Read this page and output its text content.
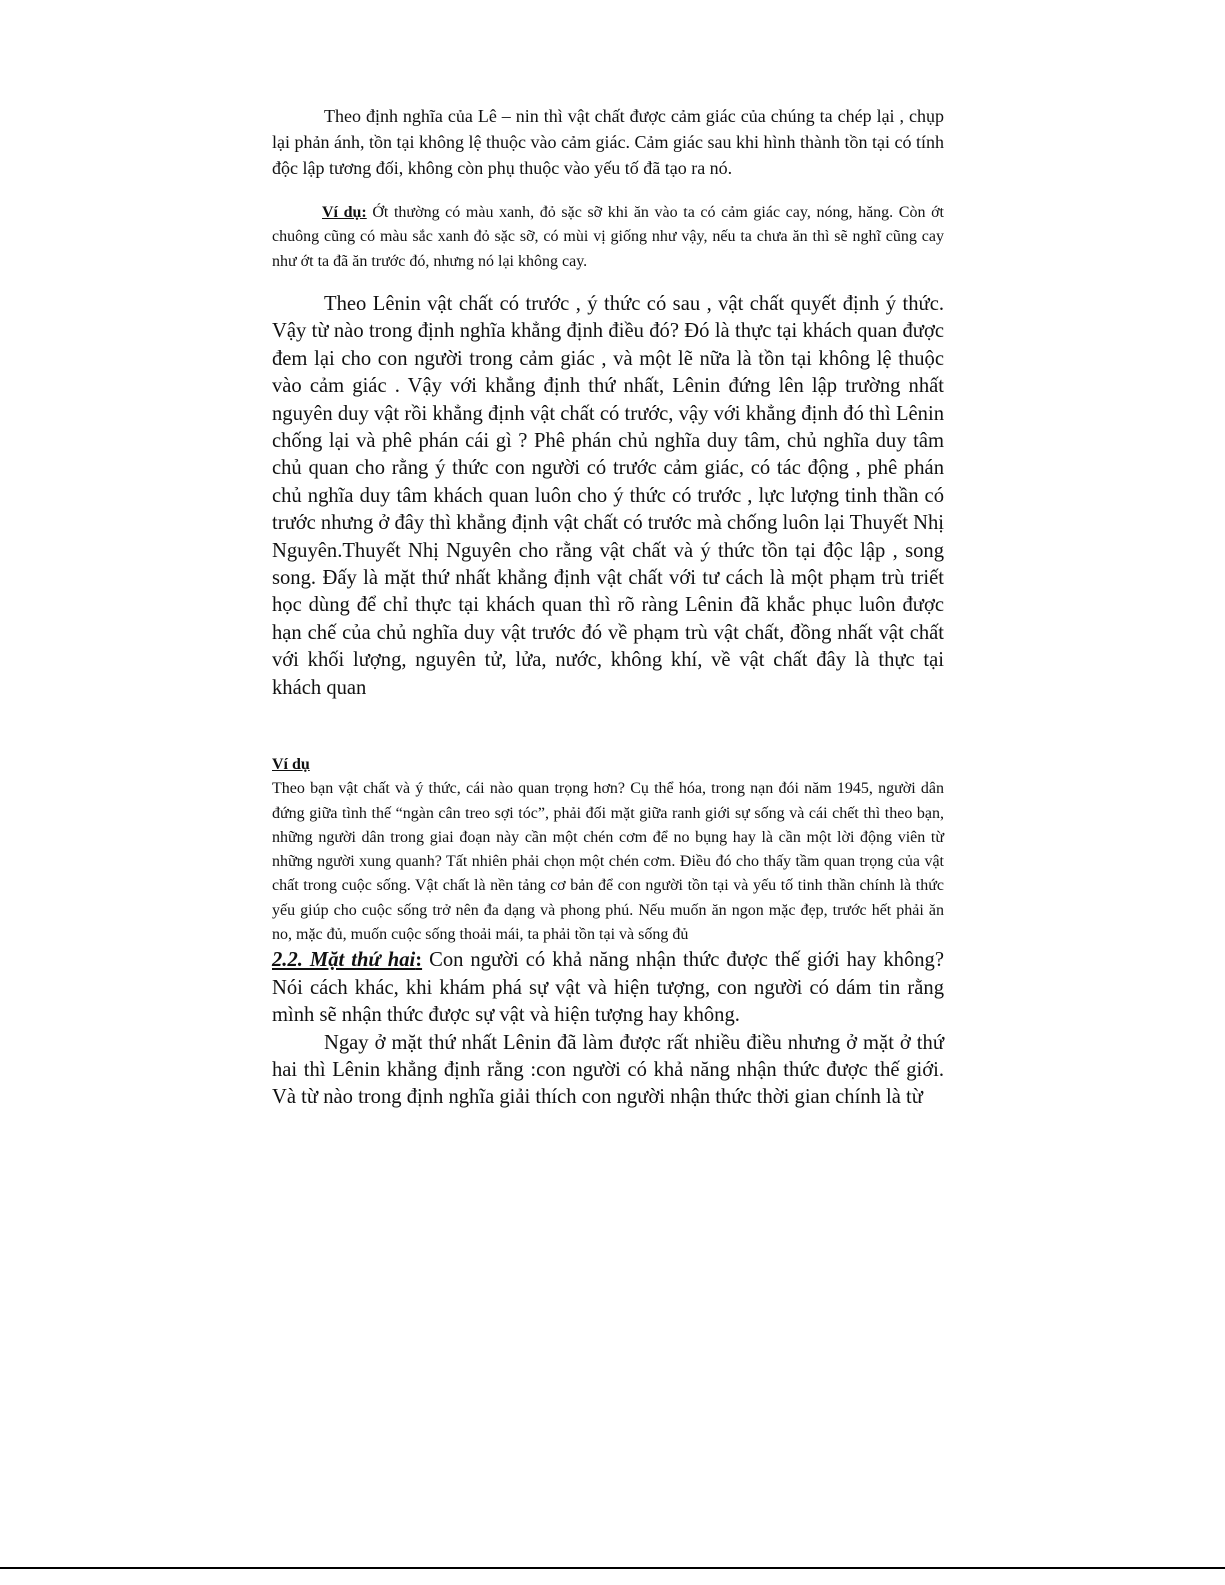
Theo định nghĩa của Lê – nin thì vật chất được cảm giác của chúng ta chép lại , chụp lại phản ánh, tồn tại không lệ thuộc vào cảm giác. Cảm giác sau khi hình thành tồn tại có tính độc lập tương đối, không còn phụ thuộc vào yếu tố đã tạo ra nó.

Ví dụ: Ớt thường có màu xanh, đỏ sặc sỡ khi ăn vào ta có cảm giác cay, nóng, hăng. Còn ớt chuông cũng có màu sắc xanh đỏ sặc sỡ, có mùi vị giống như vậy, nếu ta chưa ăn thì sẽ nghĩ cũng cay như ớt ta đã ăn trước đó, nhưng nó lại không cay.

Theo Lênin vật chất có trước , ý thức có sau , vật chất quyết định ý thức. Vậy từ nào trong định nghĩa khẳng định điều đó? Đó là thực tại khách quan được đem lại cho con người trong cảm giác , và một lẽ nữa là tồn tại không lệ thuộc vào cảm giác . Vậy với khẳng định thứ nhất, Lênin đứng lên lập trường nhất nguyên duy vật rồi khẳng định vật chất có trước, vậy với khẳng định đó thì Lênin chống lại và phê phán cái gì ? Phê phán chủ nghĩa duy tâm, chủ nghĩa duy tâm chủ quan cho rằng ý thức con người có trước cảm giác, có tác động , phê phán chủ nghĩa duy tâm khách quan luôn cho ý thức có trước , lực lượng tinh thần có trước nhưng ở đây thì khẳng định vật chất có trước mà chống luôn lại Thuyết Nhị Nguyên.Thuyết Nhị Nguyên cho rằng vật chất và ý thức tồn tại độc lập , song song. Đấy là mặt thứ nhất khẳng định vật chất với tư cách là một phạm trù triết học dùng để chỉ thực tại khách quan thì rõ ràng Lênin đã khắc phục luôn được hạn chế của chủ nghĩa duy vật trước đó về phạm trù vật chất, đồng nhất vật chất với khối lượng, nguyên tử, lửa, nước, không khí, về vật chất đây là thực tại khách quan

Ví dụ

Theo bạn vật chất và ý thức, cái nào quan trọng hơn? Cụ thể hóa, trong nạn đói năm 1945, người dân đứng giữa tình thế “ngàn cân treo sợi tóc”, phải đối mặt giữa ranh giới sự sống và cái chết thì theo bạn, những người dân trong giai đoạn này cần một chén cơm để no bụng hay là cần một lời động viên từ những người xung quanh? Tất nhiên phải chọn một chén cơm. Điều đó cho thấy tầm quan trọng của vật chất trong cuộc sống. Vật chất là nền tảng cơ bản để con người tồn tại và yếu tố tinh thần chính là thức yếu giúp cho cuộc sống trở nên đa dạng và phong phú. Nếu muốn ăn ngon mặc đẹp, trước hết phải ăn no, mặc đủ, muốn cuộc sống thoải mái, ta phải tồn tại và sống đủ

2.2. Mặt thứ hai: Con người có khả năng nhận thức được thế giới hay không? Nói cách khác, khi khám phá sự vật và hiện tượng, con người có dám tin rằng mình sẽ nhận thức được sự vật và hiện tượng hay không.

Ngay ở mặt thứ nhất Lênin đã làm được rất nhiều điều nhưng ở mặt ở thứ hai thì Lênin khẳng định rằng :con người có khả năng nhận thức được thế giới. Và từ nào trong định nghĩa giải thích con người nhận thức thời gian chính là từ
